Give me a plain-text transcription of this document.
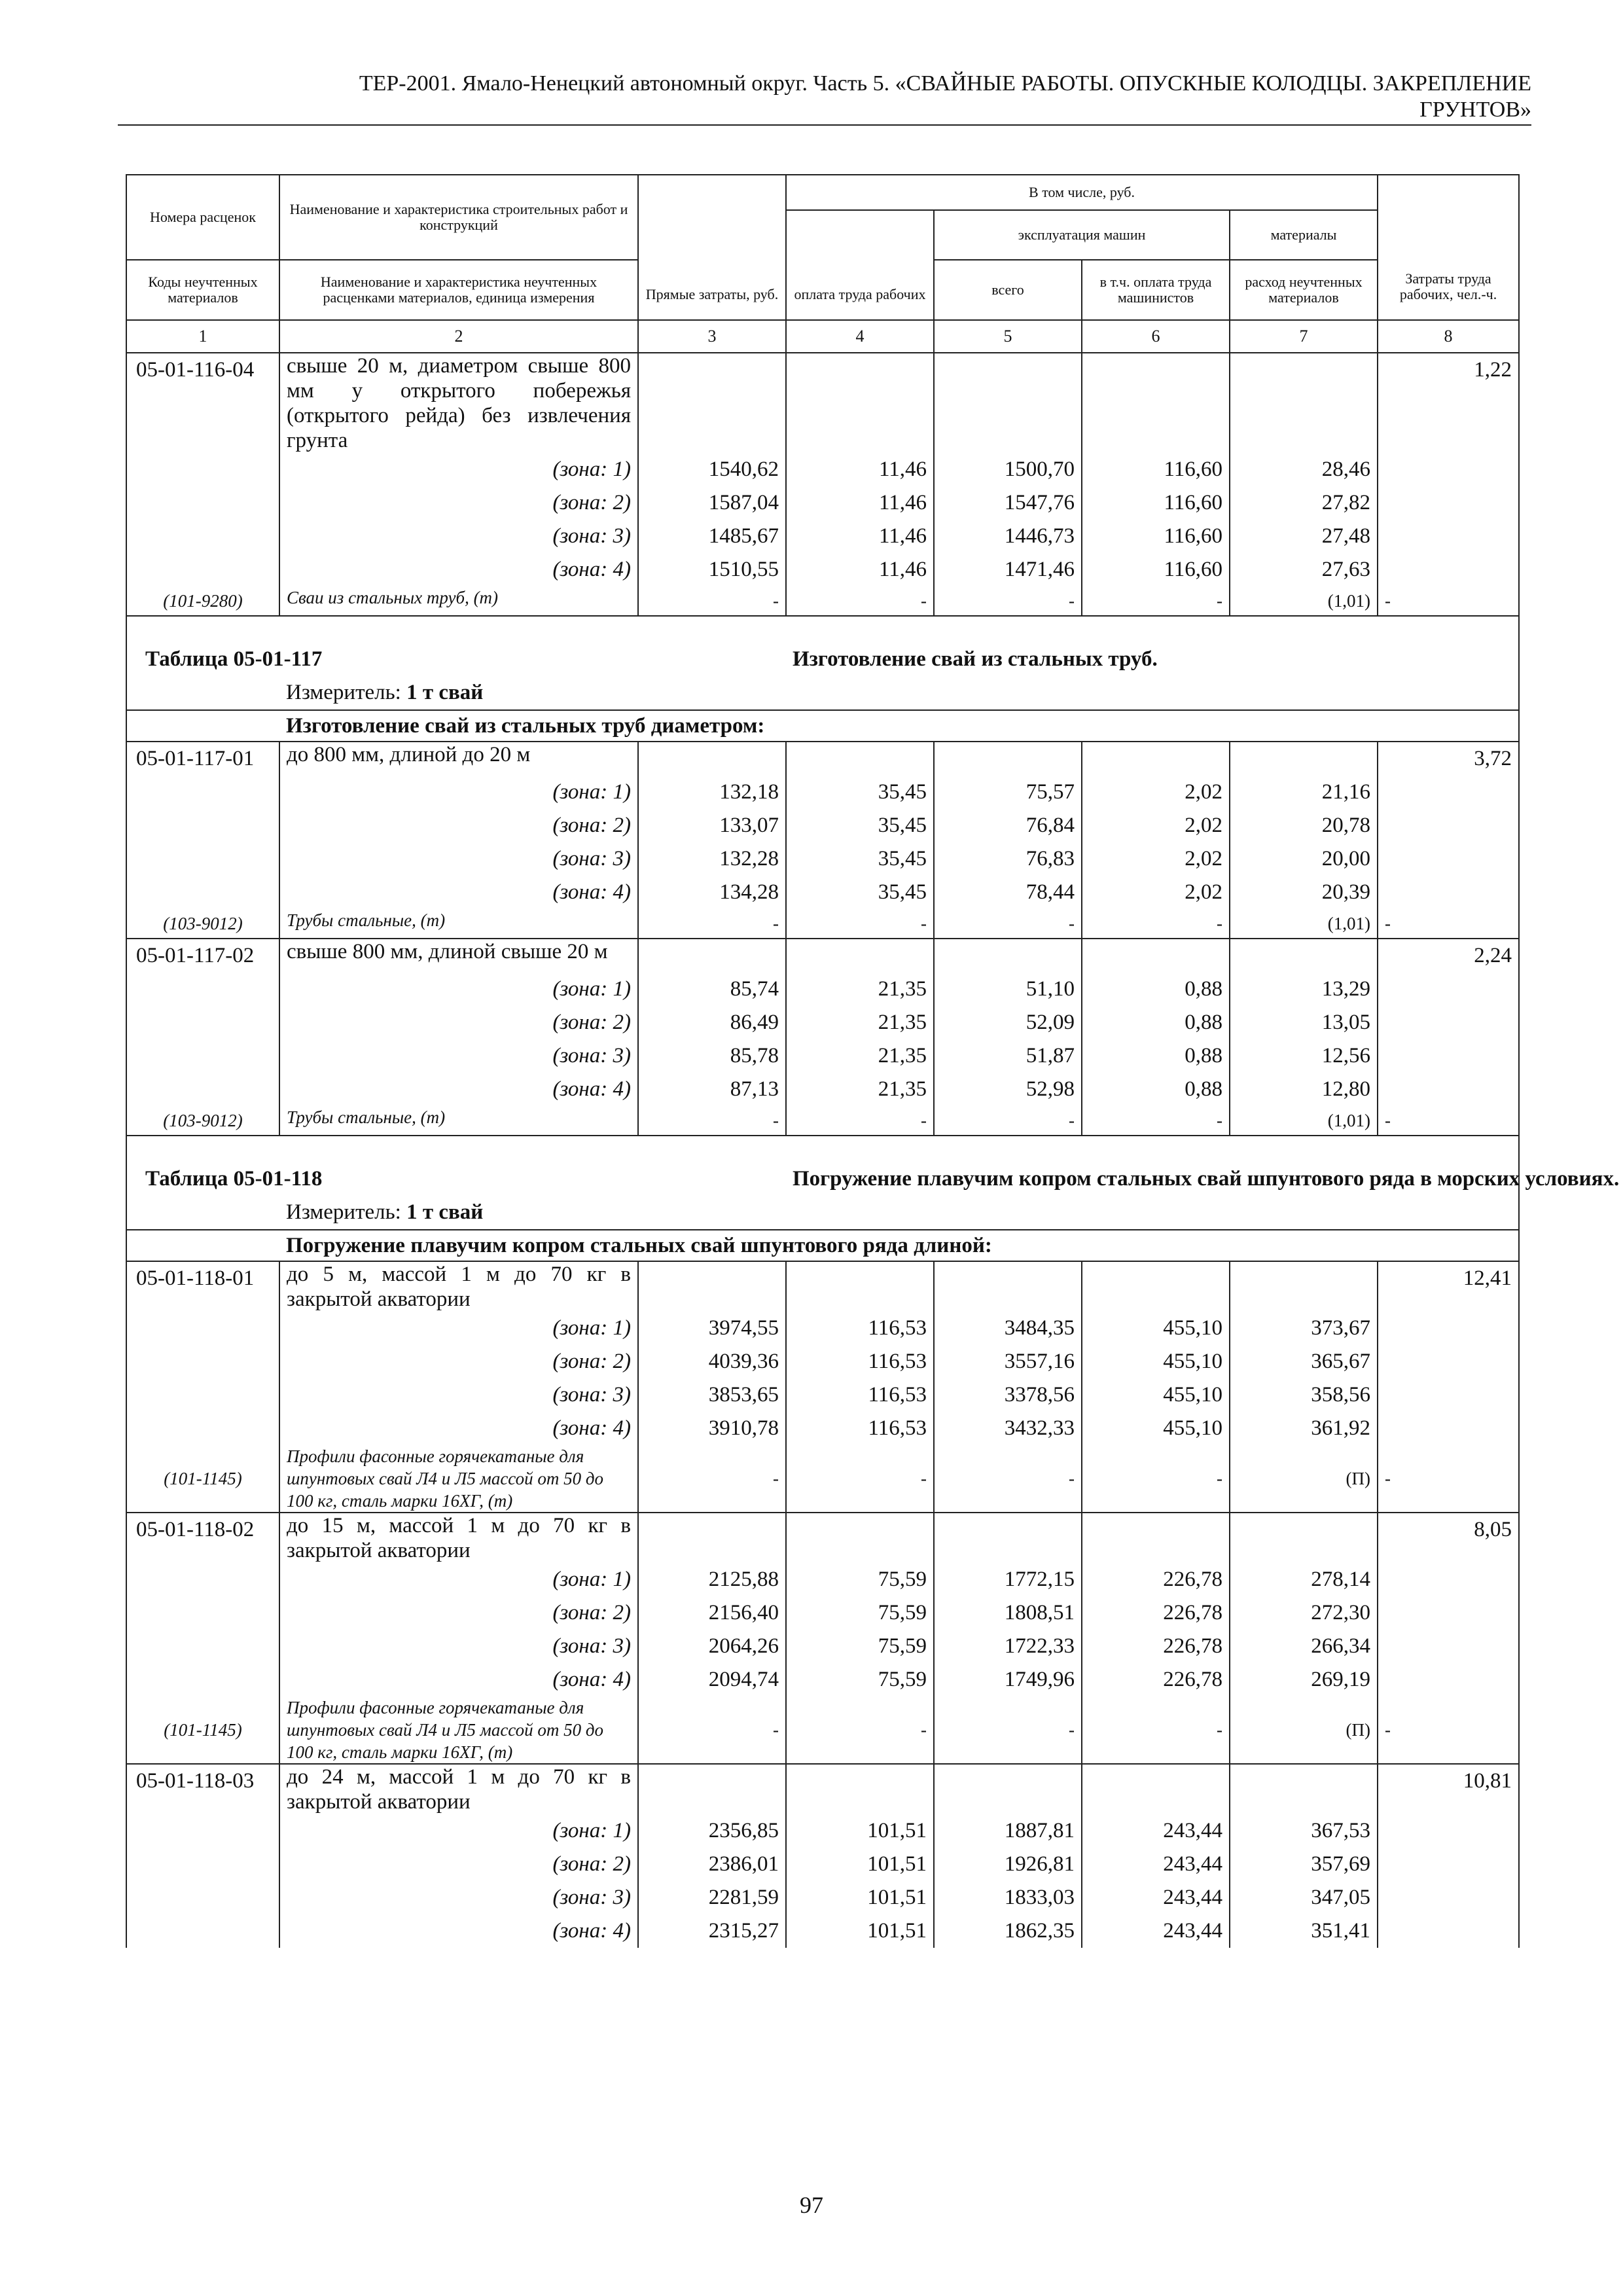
ТЕР-2001. Ямало-Ненецкий автономный округ. Часть 5. «СВАЙНЫЕ РАБОТЫ. ОПУСКНЫЕ КОЛОДЦЫ. ЗАКРЕПЛЕНИЕ
ГРУНТОВ»
Номера расценок	Наименование и характеристика строительных работ и конструкций	Прямые затраты, руб.	В том числе, руб.				Затраты труда рабочих, чел.-ч.
			оплата труда рабочих	эксплуатация машин		материалы	
Коды неучтенных материалов	Наименование и характеристика неучтенных расценками материалов, единица измерения			всего	в т.ч. оплата труда машинистов	расход неучтенных материалов	
1	2	3	4	5	6	7	8
05-01-116-04	свыше 20 м, диаметром свыше 800 мм у открытого побережья (открытого рейда) без извлечения грунта						1,22
	(зона: 1)	1540,62	11,46	1500,70	116,60	28,46	
	(зона: 2)	1587,04	11,46	1547,76	116,60	27,82	
	(зона: 3)	1485,67	11,46	1446,73	116,60	27,48	
	(зона: 4)	1510,55	11,46	1471,46	116,60	27,63	
(101-9280)	Сваи из стальных труб, (т)	-	-	-	-	(1,01)	-
Таблица 05-01-117			Изготовление свай из стальных труб.				
	Измеритель: 1 т свай						
	Изготовление свай из стальных труб диаметром:						
05-01-117-01	до 800 мм, длиной до 20 м						3,72
	(зона: 1)	132,18	35,45	75,57	2,02	21,16	
	(зона: 2)	133,07	35,45	76,84	2,02	20,78	
	(зона: 3)	132,28	35,45	76,83	2,02	20,00	
	(зона: 4)	134,28	35,45	78,44	2,02	20,39	
(103-9012)	Трубы стальные, (т)	-	-	-	-	(1,01)	-
05-01-117-02	свыше 800 мм, длиной свыше 20 м						2,24
	(зона: 1)	85,74	21,35	51,10	0,88	13,29	
	(зона: 2)	86,49	21,35	52,09	0,88	13,05	
	(зона: 3)	85,78	21,35	51,87	0,88	12,56	
	(зона: 4)	87,13	21,35	52,98	0,88	12,80	
(103-9012)	Трубы стальные, (т)	-	-	-	-	(1,01)	-
Таблица 05-01-118			Погружение плавучим копром стальных свай шпунтового ряда в морских условиях.				
	Измеритель: 1 т свай						
	Погружение плавучим копром стальных свай шпунтового ряда длиной:						
05-01-118-01	до 5 м, массой 1 м до 70 кг в закрытой акватории						12,41
	(зона: 1)	3974,55	116,53	3484,35	455,10	373,67	
	(зона: 2)	4039,36	116,53	3557,16	455,10	365,67	
	(зона: 3)	3853,65	116,53	3378,56	455,10	358,56	
	(зона: 4)	3910,78	116,53	3432,33	455,10	361,92	
(101-1145)	Профили фасонные горячекатаные для шпунтовых свай Л4 и Л5 массой от 50 до 100 кг, сталь марки 16ХГ, (т)	-	-	-	-	(П)	-
05-01-118-02	до 15 м, массой 1 м до 70 кг в закрытой акватории						8,05
	(зона: 1)	2125,88	75,59	1772,15	226,78	278,14	
	(зона: 2)	2156,40	75,59	1808,51	226,78	272,30	
	(зона: 3)	2064,26	75,59	1722,33	226,78	266,34	
	(зона: 4)	2094,74	75,59	1749,96	226,78	269,19	
(101-1145)	Профили фасонные горячекатаные для шпунтовых свай Л4 и Л5 массой от 50 до 100 кг, сталь марки 16ХГ, (т)	-	-	-	-	(П)	-
05-01-118-03	до 24 м, массой 1 м до 70 кг в закрытой акватории						10,81
	(зона: 1)	2356,85	101,51	1887,81	243,44	367,53	
	(зона: 2)	2386,01	101,51	1926,81	243,44	357,69	
	(зона: 3)	2281,59	101,51	1833,03	243,44	347,05	
	(зона: 4)	2315,27	101,51	1862,35	243,44	351,41	
97
